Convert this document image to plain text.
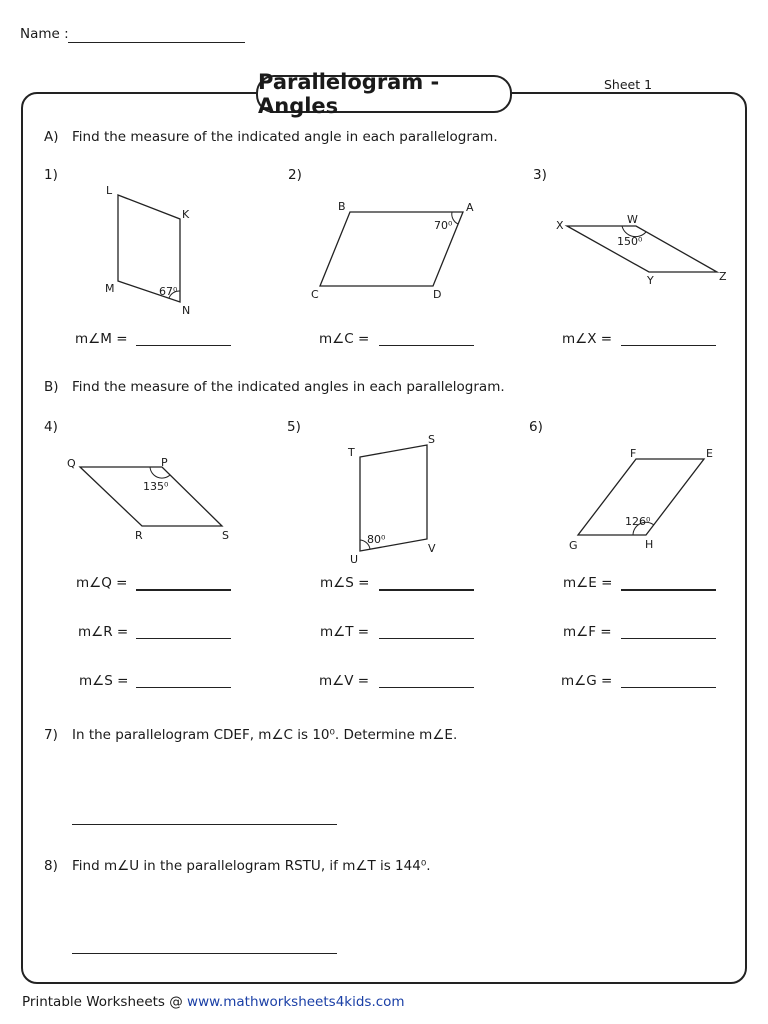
Name :
Parallelogram - Angles
Sheet 1
A) Find the measure of the indicated angle in each parallelogram.
1)	2)	3)
L
K
M
N
67⁰
B	A
C	D
70⁰	X	W
Y	Z
150⁰
Q	P
R	S
135⁰
T
S
U
V
80⁰
F	E
G	H
126⁰
m∠M =	m∠C =	m∠X =
B) Find the measure of the indicated angles in each parallelogram.
4)	5)	6)
m∠Q =	m∠S =	m∠E =
m∠R =	m∠T =	m∠F =
m∠S =	m∠V =	m∠G =
7) In the parallelogram CDEF, m∠C is 10⁰. Determine m∠E.
8) Find m∠U in the parallelogram RSTU, if m∠T is 144⁰.
Printable Worksheets @ www.mathworksheets4kids.com
